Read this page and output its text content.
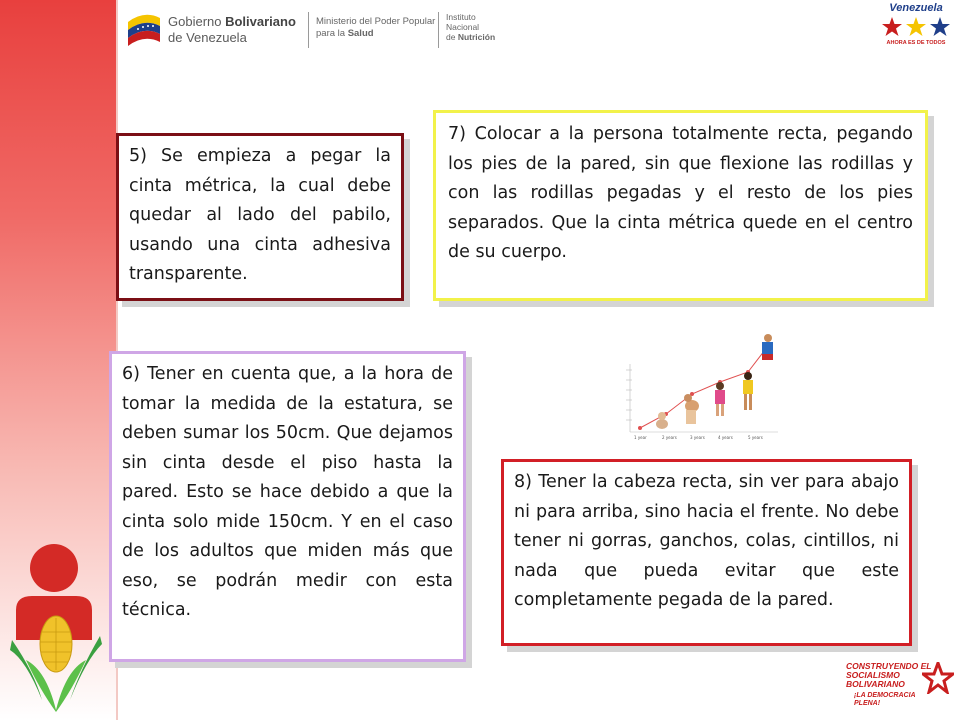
Gobierno Bolivariano
de Venezuela
Ministerio del Poder Popular
para la Salud
Instituto
Nacional
de Nutrición
Venezuela
AHORA ES DE TODOS
5) Se empieza a pegar la cinta métrica, la cual debe quedar al lado del pabilo, usando una cinta adhesiva transparente.
7) Colocar a la persona totalmente recta, pegando los pies de la pared, sin que flexione las rodillas y con las rodillas pegadas y el resto de los pies separados. Que la cinta métrica quede en el centro de su cuerpo.
6) Tener en cuenta que, a la hora de tomar la medida de la estatura, se deben sumar los 50cm. Que dejamos sin cinta desde el piso hasta la pared. Esto se hace debido a que la cinta solo mide 150cm. Y en el caso de los adultos que miden más que eso, se podrán medir con esta técnica.
8) Tener la cabeza recta, sin ver para abajo ni para arriba, sino hacia el frente. No debe tener ni gorras, ganchos, colas, cintillos, ni nada que pueda evitar que este completamente pegada de la pared.
1 year	2 years	3 years	4 years	5 years
CONSTRUYENDO EL SOCIALISMO BOLIVARIANO
¡LA DEMOCRACIA PLENA!
